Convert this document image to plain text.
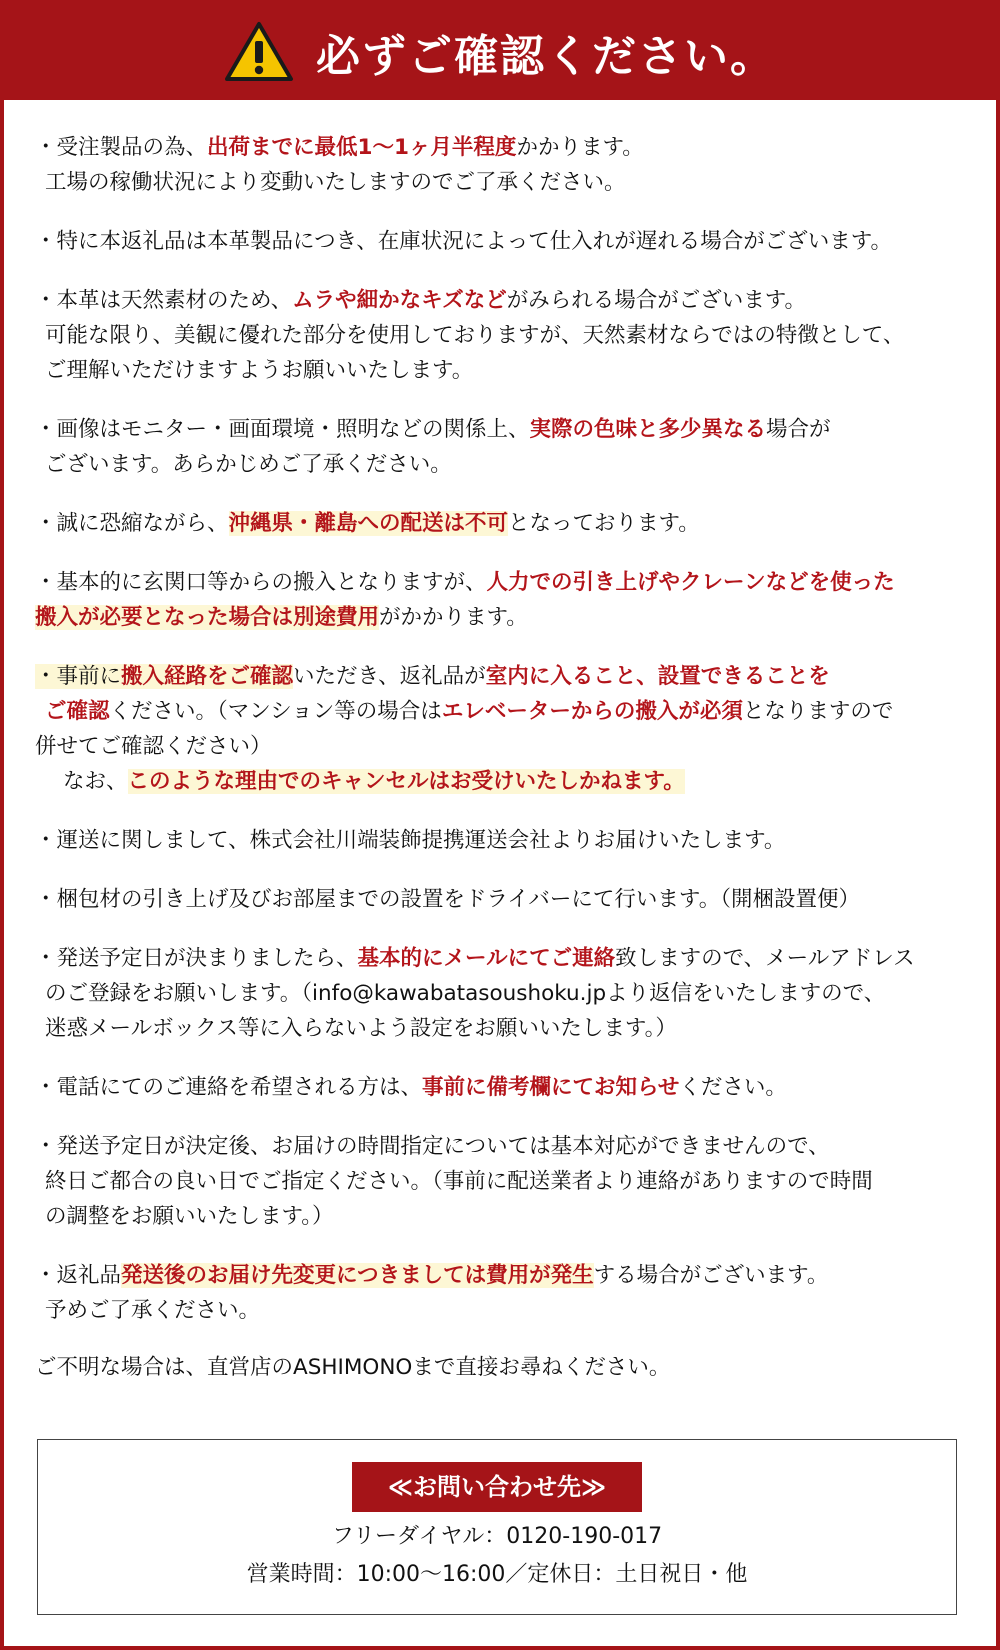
必ずご確認ください。
・受注製品の為、出荷までに最低1～1ヶ月半程度かかります。
工場の稼働状況により変動いたしますのでご了承ください。
・特に本返礼品は本革製品につき、在庫状況によって仕入れが遅れる場合がございます。
・本革は天然素材のため、ムラや細かなキズなどがみられる場合がございます。
可能な限り、美観に優れた部分を使用しておりますが、天然素材ならではの特徴として、
ご理解いただけますようお願いいたします。
・画像はモニター・画面環境・照明などの関係上、実際の色味と多少異なる場合が
ございます。あらかじめご了承ください。
・誠に恐縮ながら、沖縄県・離島への配送は不可となっております。
・基本的に玄関口等からの搬入となりますが、人力での引き上げやクレーンなどを使った
搬入が必要となった場合は別途費用がかかります。
・事前に搬入経路をご確認いただき、返礼品が室内に入ること、設置できることを
ご確認ください。（マンション等の場合はエレベーターからの搬入が必須となりますので
併せてご確認ください）
なお、このような理由でのキャンセルはお受けいたしかねます。
・運送に関しまして、株式会社川端装飾提携運送会社よりお届けいたします。
・梱包材の引き上げ及びお部屋までの設置をドライバーにて行います。（開梱設置便）
・発送予定日が決まりましたら、基本的にメールにてご連絡致しますので、メールアドレス
のご登録をお願いします。（info@kawabatasoushoku.jpより返信をいたしますので、
迷惑メールボックス等に入らないよう設定をお願いいたします。）
・電話にてのご連絡を希望される方は、事前に備考欄にてお知らせください。
・発送予定日が決定後、お届けの時間指定については基本対応ができませんので、
終日ご都合の良い日でご指定ください。（事前に配送業者より連絡がありますので時間
の調整をお願いいたします。）
・返礼品発送後のお届け先変更につきましては費用が発生する場合がございます。
予めご了承ください。
ご不明な場合は、直営店のASHIMONOまで直接お尋ねください。
≪お問い合わせ先≫
フリーダイヤル：0120-190-017
営業時間：10:00～16:00／定休日：土日祝日・他
